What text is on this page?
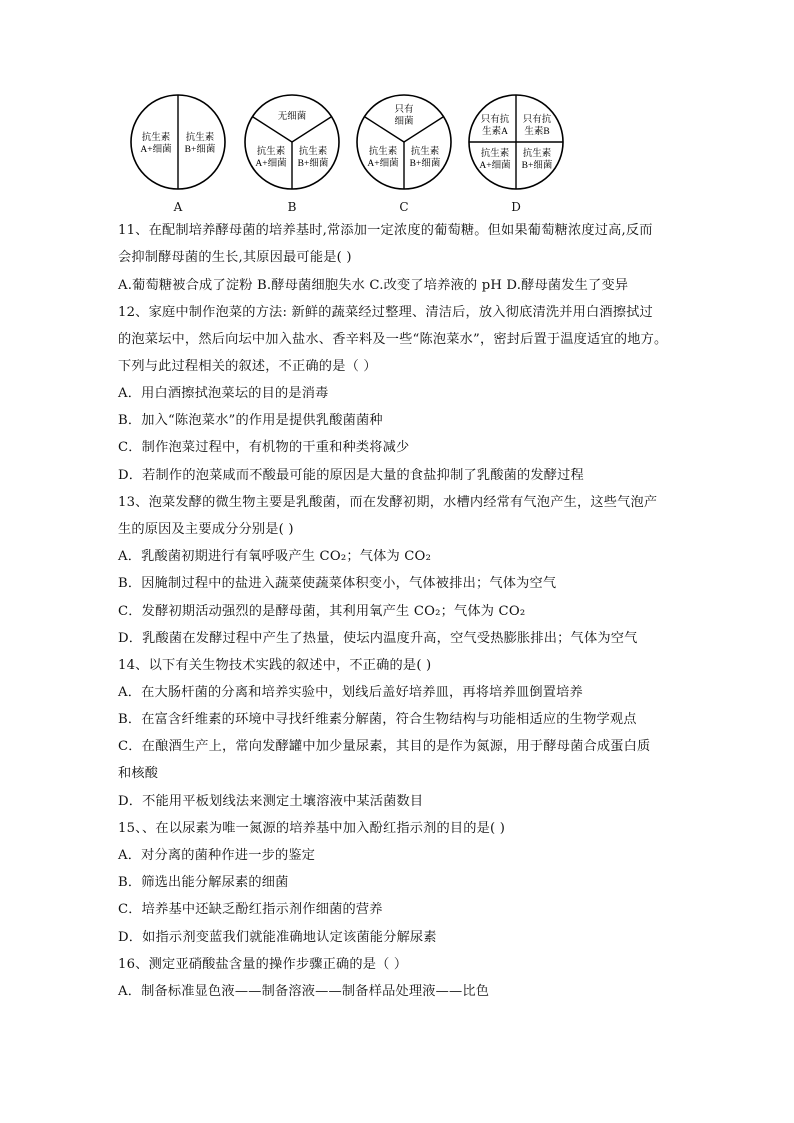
抗生素
A+细菌
抗生素
B+细菌
A
无细菌
抗生素
A+细菌
抗生素
B+细菌
B
只有
细菌
抗生素
A+细菌
抗生素
B+细菌
C
只有抗
生素A
只有抗
生素B
抗生素
A+细菌
抗生素
B+细菌
D
11、在配制培养酵母菌的培养基时,常添加一定浓度的葡萄糖。但如果葡萄糖浓度过高,反而
会抑制酵母菌的生长,其原因最可能是( )
A.葡萄糖被合成了淀粉 B.酵母菌细胞失水 C.改变了培养液的 pH D.酵母菌发生了变异
12、家庭中制作泡菜的方法: 新鲜的蔬菜经过整理、清洁后，放入彻底清洗并用白酒擦拭过
的泡菜坛中，然后向坛中加入盐水、香辛料及一些“陈泡菜水”，密封后置于温度适宜的地方。
下列与此过程相关的叙述，不正确的是（ ）
A．用白酒擦拭泡菜坛的目的是消毒
B．加入“陈泡菜水”的作用是提供乳酸菌菌种
C．制作泡菜过程中，有机物的干重和种类将减少
D．若制作的泡菜咸而不酸最可能的原因是大量的食盐抑制了乳酸菌的发酵过程
13、泡菜发酵的微生物主要是乳酸菌，而在发酵初期，水槽内经常有气泡产生，这些气泡产
生的原因及主要成分分别是( )
A．乳酸菌初期进行有氧呼吸产生 CO₂；气体为 CO₂
B．因腌制过程中的盐进入蔬菜使蔬菜体积变小，气体被排出；气体为空气
C．发酵初期活动强烈的是酵母菌，其利用氧产生 CO₂；气体为 CO₂
D．乳酸菌在发酵过程中产生了热量，使坛内温度升高，空气受热膨胀排出；气体为空气
14、以下有关生物技术实践的叙述中，不正确的是( )
A．在大肠杆菌的分离和培养实验中，划线后盖好培养皿，再将培养皿倒置培养
B．在富含纤维素的环境中寻找纤维素分解菌，符合生物结构与功能相适应的生物学观点
C．在酿酒生产上，常向发酵罐中加少量尿素，其目的是作为氮源，用于酵母菌合成蛋白质
和核酸
D．不能用平板划线法来测定土壤溶液中某活菌数目
15、、在以尿素为唯一氮源的培养基中加入酚红指示剂的目的是( )
A．对分离的菌种作进一步的鉴定
B．筛选出能分解尿素的细菌
C．培养基中还缺乏酚红指示剂作细菌的营养
D．如指示剂变蓝我们就能准确地认定该菌能分解尿素
16、测定亚硝酸盐含量的操作步骤正确的是（ ）
A．制备标准显色液——制备溶液——制备样品处理液——比色
